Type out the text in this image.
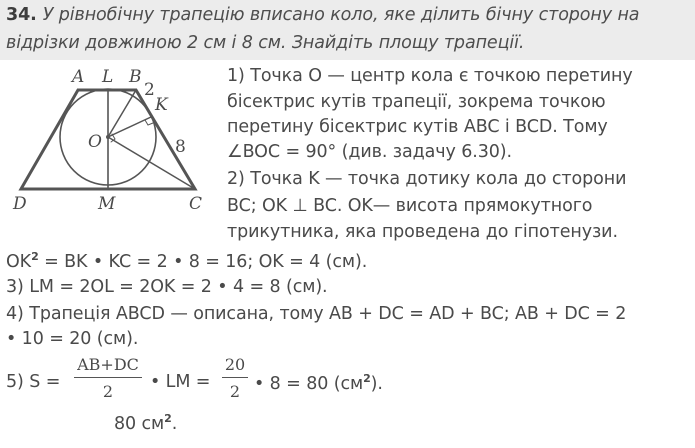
34. У рівнобічну трапецію вписано коло, яке ділить бічну сторону на
відрізки довжиною 2 см і 8 см. Знайдіть площу трапеції.
A L B
2
K
O	8
D	M	C
1) Точка О — центр кола є точкою перетину
бісектрис кутів трапеції, зокрема точкою
перетину бісектрис кутів ABC і BCD. Тому
∠BOC = 90° (див. задачу 6.30).
2) Точка K — точка дотику кола до сторони
BC; OK ⊥ BC. OK— висота прямокутного
трикутника, яка проведена до гіпотенузи.
$OK^2$ = BK • KC = 2 • 8 = 16; OK = 4 (см).
3) LM = 2OL = 2OK = 2 • 4 = 8 (см).
4) Трапеція ABCD — описана, тому AB + DC = AD + BC; AB + DC = 2
• 10 = 20 (см).
5) S =
AB+DC
2	• LM =
20
2 • 8 = 80 $(см^2)$.
80 $см^2$.
